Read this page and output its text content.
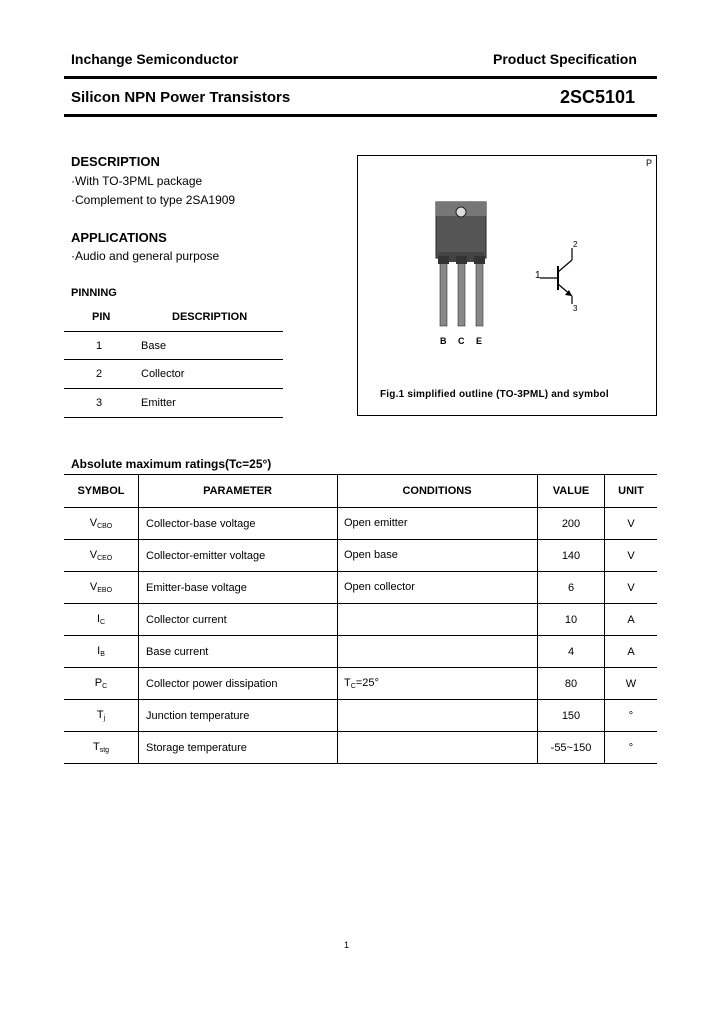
Inchange Semiconductor	Product Specification
Silicon NPN Power Transistors	2SC5101
DESCRIPTION
·With TO-3PML package
·Complement to type 2SA1909
APPLICATIONS
·Audio and general purpose
PINNING
PIN	DESCRIPTION
1	Base
2	Collector
3	Emitter
P
B C E
1
2
3
Fig.1 simplified outline (TO-3PML) and symbol
Absolute maximum ratings(Tc=25°)
SYMBOL	PARAMETER	CONDITIONS	VALUE	UNIT
$V_{CBO}$	Collector-base voltage	Open emitter	200	V
$V_{CEO}$	Collector-emitter voltage	Open base	140	V
$V_{EBO}$	Emitter-base voltage	Open collector	6	V
$I_C$	Collector current		10	A
$I_B$	Base current		4	A
$P_C$	Collector power dissipation	$T_C=25^\circ$	80	W
$T_j$	Junction temperature		150	°
$T_{stg}$	Storage temperature		-55~150	°
1
